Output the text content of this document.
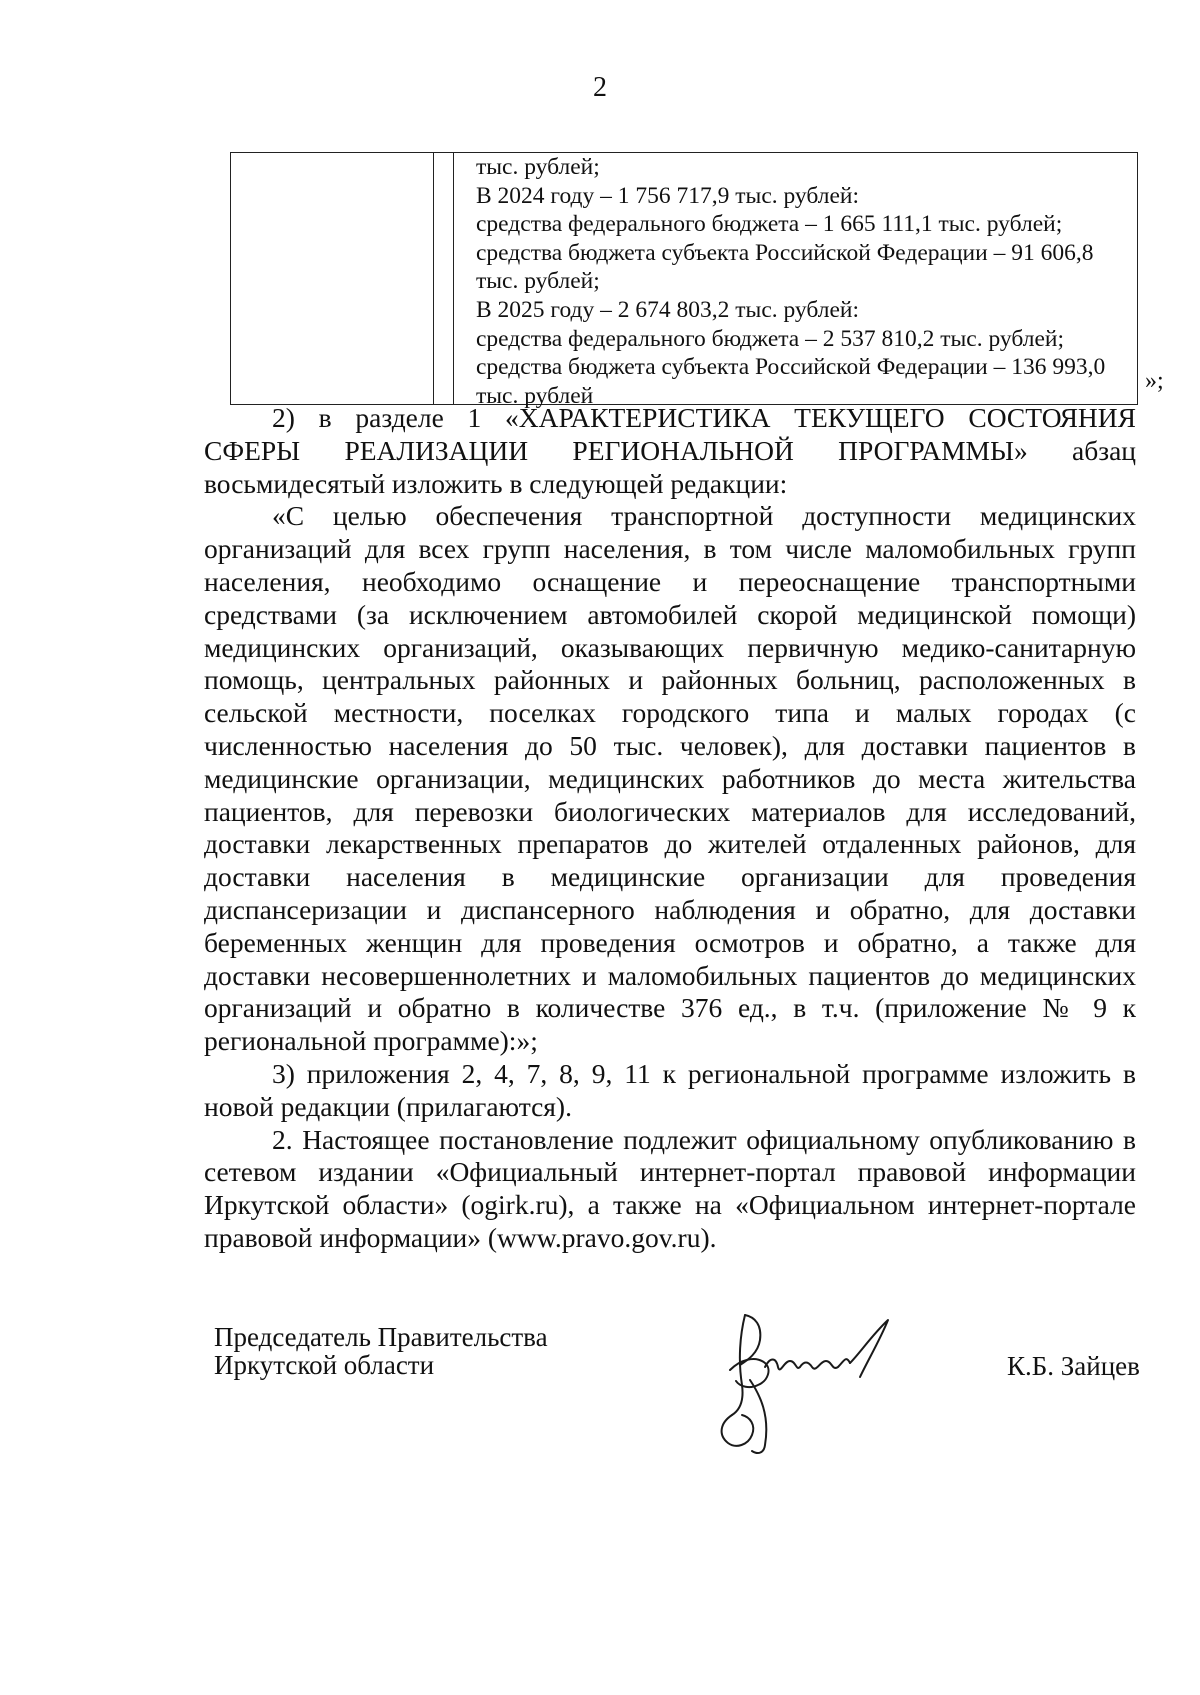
2
тыс. рублей;
В 2024 году – 1 756 717,9 тыс. рублей:
средства федерального бюджета – 1 665 111,1 тыс. рублей;
средства бюджета субъекта Российской Федерации – 91 606,8
тыс. рублей;
В 2025 году – 2 674 803,2 тыс. рублей:
средства федерального бюджета – 2 537 810,2 тыс. рублей;
средства бюджета субъекта Российской Федерации – 136 993,0
тыс. рублей
»;

2) в разделе 1 «ХАРАКТЕРИСТИКА ТЕКУЩЕГО СОСТОЯНИЯ СФЕРЫ РЕАЛИЗАЦИИ РЕГИОНАЛЬНОЙ ПРОГРАММЫ» абзац восьмидесятый изложить в следующей редакции:

«С целью обеспечения транспортной доступности медицинских организаций для всех групп населения, в том числе маломобильных групп населения, необходимо оснащение и переоснащение транспортными средствами (за исключением автомобилей скорой медицинской помощи) медицинских организаций, оказывающих первичную медико-санитарную помощь, центральных районных и районных больниц, расположенных в сельской местности, поселках городского типа и малых городах (с численностью населения до 50 тыс. человек), для доставки пациентов в медицинские организации, медицинских работников до места жительства пациентов, для перевозки биологических материалов для исследований, доставки лекарственных препаратов до жителей отдаленных районов, для доставки населения в медицинские организации для проведения диспансеризации и диспансерного наблюдения и обратно, для доставки беременных женщин для проведения осмотров и обратно, а также для доставки несовершеннолетних и маломобильных пациентов до медицинских организаций и обратно в количестве 376 ед., в т.ч. (приложение № 9 к региональной программе):»;

3) приложения 2, 4, 7, 8, 9, 11 к региональной программе изложить в новой редакции (прилагаются).

2. Настоящее постановление подлежит официальному опубликованию в сетевом издании «Официальный интернет-портал правовой информации Иркутской области» (ogirk.ru), а также на «Официальном интернет-портале правовой информации» (www.pravo.gov.ru).

Председатель Правительства
Иркутской области	К.Б. Зайцев
